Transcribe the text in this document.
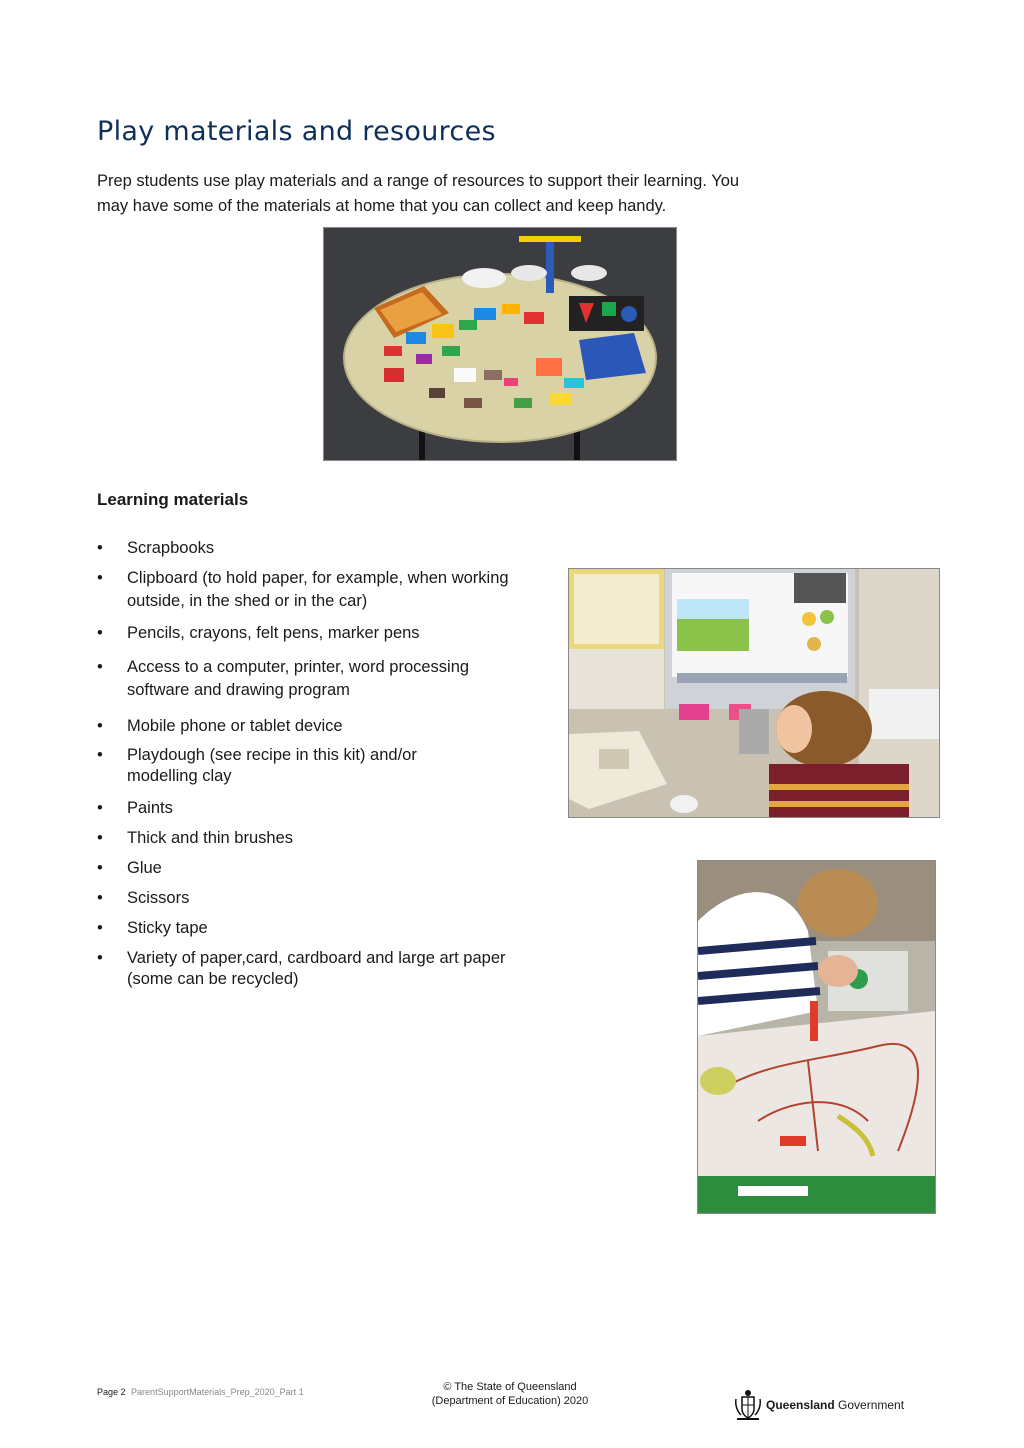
Play materials and resources
Prep students use play materials and a range of resources to support their learning. You
may have some of the materials at home that you can collect and keep handy.
Learning materials
• Scrapbooks
• Clipboard (to hold paper, for example, when working
outside, in the shed or in the car)
• Pencils, crayons, felt pens, marker pens
• Access to a computer, printer, word processing
software and drawing program
• Mobile phone or tablet device
• Playdough (see recipe in this kit) and/or
modelling clay
• Paints
• Thick and thin brushes
• Glue
• Scissors
• Sticky tape
• Variety of paper,card, cardboard and large art paper
(some can be recycled)
Page 2 ParentSupportMaterials_Prep_2020_Part 1	© The State of Queensland
(Department of Education) 2020	Queensland Government
